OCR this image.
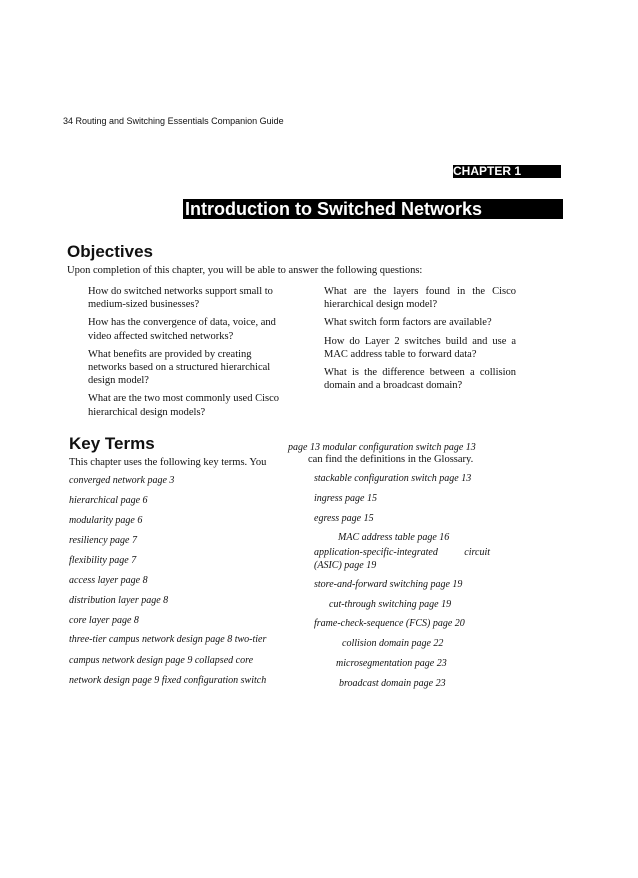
34 Routing and Switching Essentials Companion Guide
CHAPTER 1
Introduction to Switched Networks
Objectives
Upon completion of this chapter, you will be able to answer the following questions:
How do switched networks support small to medium-sized businesses?
How has the convergence of data, voice, and video affected switched networks?
What benefits are provided by creating networks based on a structured hierarchical design model?
What are the two most commonly used Cisco hierarchical design models?
What are the layers found in the Cisco hierarchical design model?
What switch form factors are available?
How do Layer 2 switches build and use a MAC address table to forward data?
What is the difference between a collision domain and a broadcast domain?
Key Terms
This chapter uses the following key terms. You
page 13 modular configuration switch page 13
can find the definitions in the Glossary.
converged network page 3
hierarchical page 6
modularity page 6
resiliency page 7
flexibility page 7
access layer page 8
distribution layer page 8
core layer page 8
three-tier campus network design page 8 two-tier
campus network design page 9 collapsed core
network design page 9 fixed configuration switch
stackable configuration switch page 13
ingress page 15
egress page 15
MAC address table page 16
application-specific-integrated	circuit
(ASIC) page 19
store-and-forward switching page 19
cut-through switching page 19
frame-check-sequence (FCS) page 20
collision domain page 22
microsegmentation page 23
broadcast domain page 23
